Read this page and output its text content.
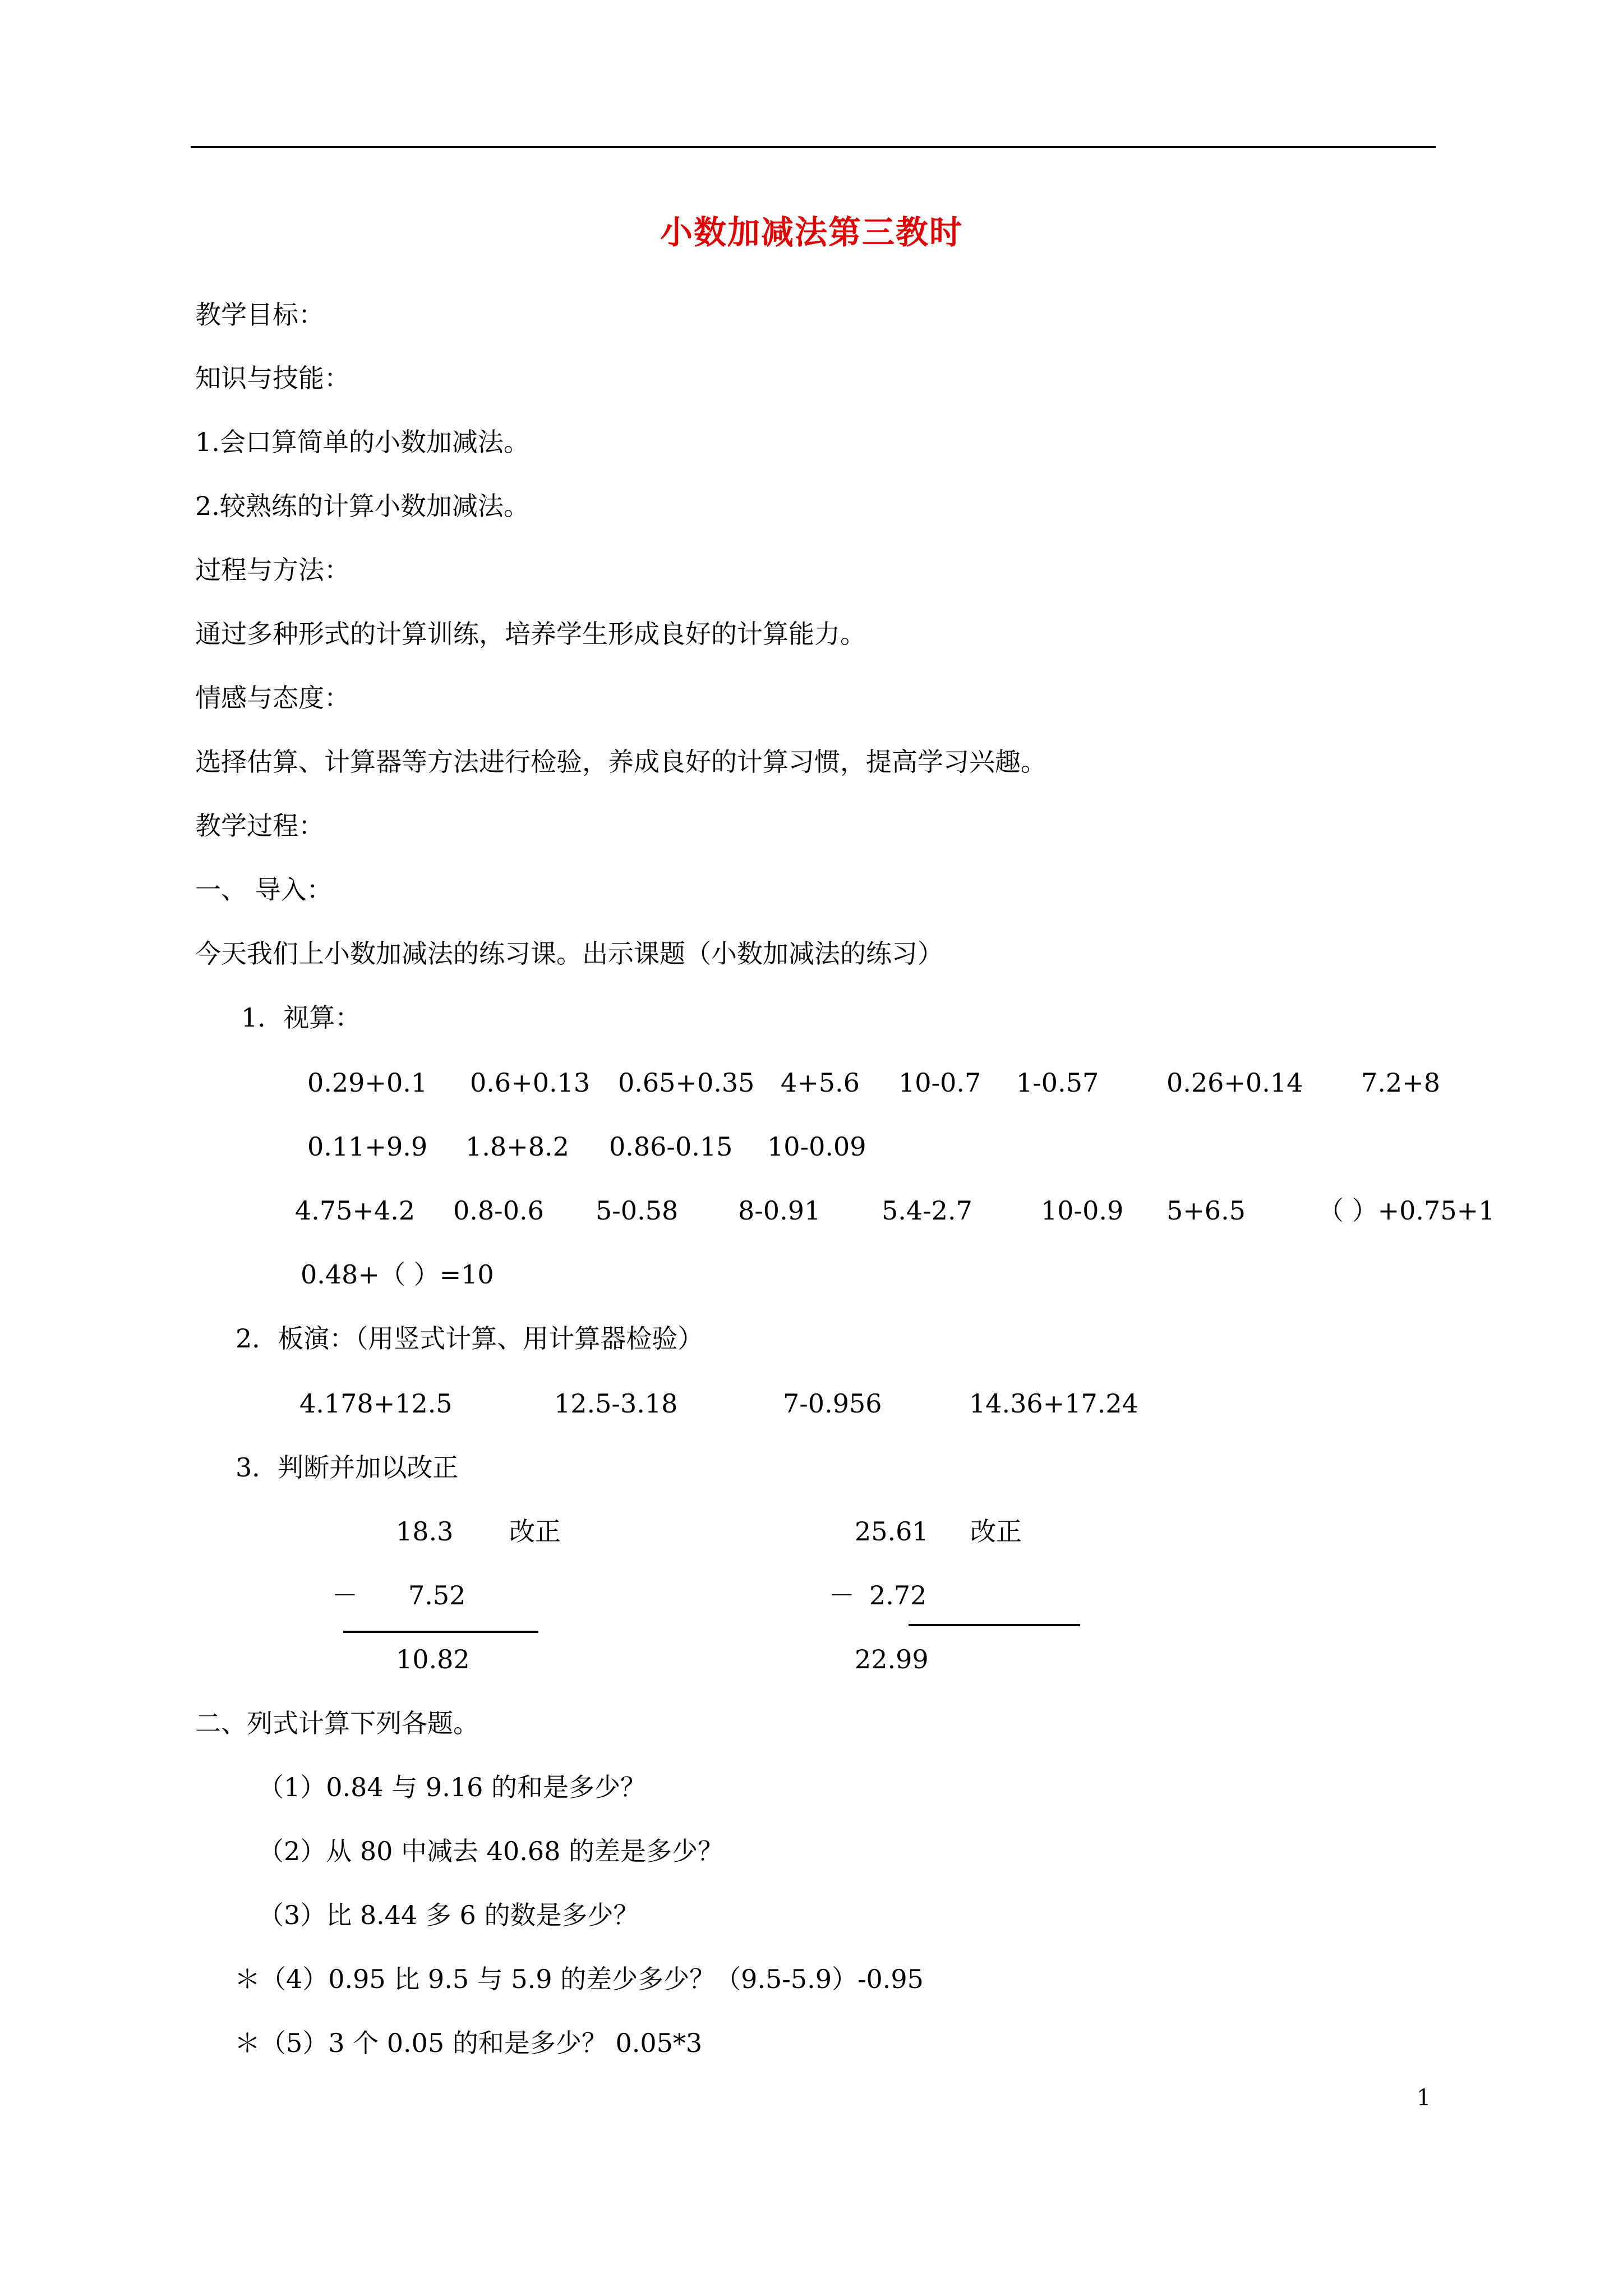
小数加减法第三教时
教学目标：
知识与技能：
1.会口算简单的小数加减法。
2.较熟练的计算小数加减法。
过程与方法：
通过多种形式的计算训练，培养学生形成良好的计算能力。
情感与态度：
选择估算、计算器等方法进行检验，养成良好的计算习惯，提高学习兴趣。
教学过程：
一、 导入：
今天我们上小数加减法的练习课。出示课题（小数加减法的练习）
1．视算：
0.29+0.1 0.6+0.13 0.65+0.35 4+5.6 10-0.7 1-0.57	0.26+0.14 7.2+8
0.11+9.9 1.8+8.2 0.86-0.15 10-0.09
4.75+4.2 0.8-0.6 5-0.58 8-0.91 5.4-2.7	10-0.9 5+6.5	（ ）+0.75+1
0.48+（ ）=10
2．板演：（用竖式计算、用计算器检验）
4.178+12.5	12.5-3.18	7-0.956	14.36+17.24
3．判断并加以改正
18.3 改正
－ 7.52
10.82
25.61 改正
－ 2.72
22.99
二、列式计算下列各题。
（1）0.84 与 9.16 的和是多少？
（2）从 80 中减去 40.68 的差是多少？
（3）比 8.44 多 6 的数是多少？
＊（4）0.95 比 9.5 与 5.9 的差少多少？（9.5-5.9）-0.95
＊（5）3 个 0.05 的和是多少？ 0.05*3
1
